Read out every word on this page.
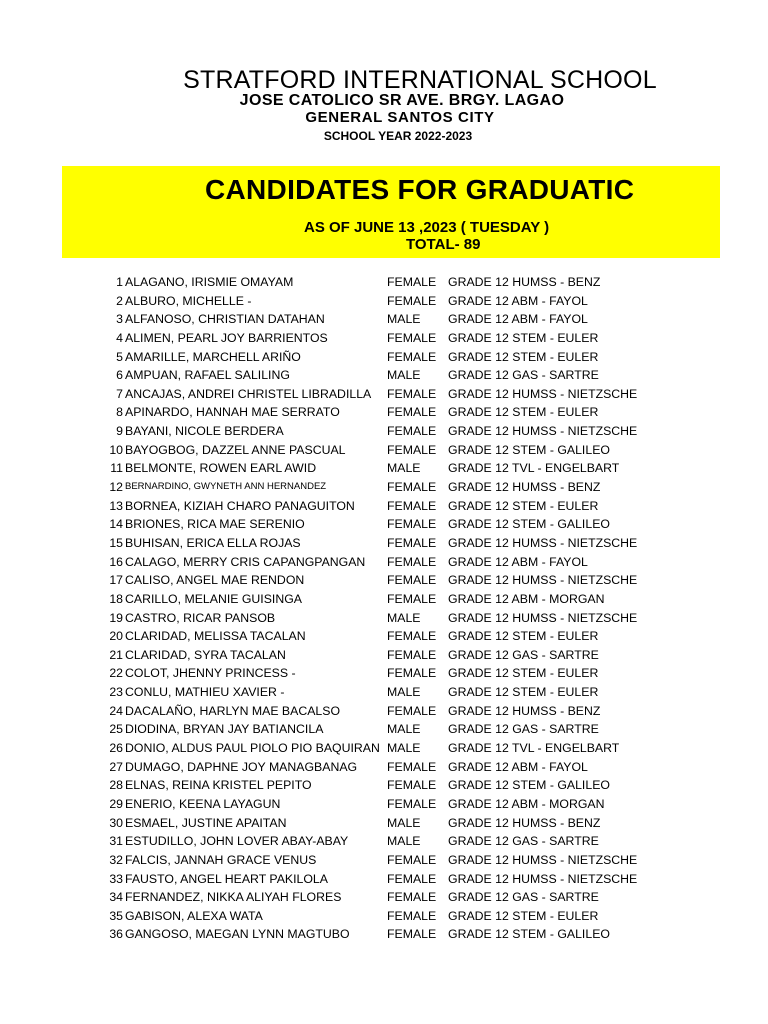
STRATFORD INTERNATIONAL SCHOOL
JOSE CATOLICO SR AVE. BRGY. LAGAO
GENERAL SANTOS CITY
SCHOOL YEAR 2022-2023
CANDIDATES FOR GRADUATIC
AS OF JUNE 13 ,2023 ( TUESDAY )
TOTAL- 89
1 ALAGANO, IRISMIE OMAYAM	FEMALE GRADE 12 HUMSS - BENZ
2 ALBURO, MICHELLE -	FEMALE GRADE 12 ABM - FAYOL
3 ALFANOSO, CHRISTIAN DATAHAN	MALE GRADE 12 ABM - FAYOL
4 ALIMEN, PEARL JOY BARRIENTOS	FEMALE GRADE 12 STEM - EULER
5 AMARILLE, MARCHELL ARIÑO	FEMALE GRADE 12 STEM - EULER
6 AMPUAN, RAFAEL SALILING	MALE GRADE 12 GAS - SARTRE
7 ANCAJAS, ANDREI CHRISTEL LIBRADILLA FEMALE GRADE 12 HUMSS - NIETZSCHE
8 APINARDO, HANNAH MAE SERRATO	FEMALE GRADE 12 STEM - EULER
9 BAYANI, NICOLE BERDERA	FEMALE GRADE 12 HUMSS - NIETZSCHE
10 BAYOGBOG, DAZZEL ANNE PASCUAL	FEMALE GRADE 12 STEM - GALILEO
11 BELMONTE, ROWEN EARL AWID	MALE GRADE 12 TVL - ENGELBART
12 BERNARDINO, GWYNETH ANN HERNANDEZ	FEMALE GRADE 12 HUMSS - BENZ
13 BORNEA, KIZIAH CHARO PANAGUITON	FEMALE GRADE 12 STEM - EULER
14 BRIONES, RICA MAE SERENIO	FEMALE GRADE 12 STEM - GALILEO
15 BUHISAN, ERICA ELLA ROJAS	FEMALE GRADE 12 HUMSS - NIETZSCHE
16 CALAGO, MERRY CRIS CAPANGPANGAN FEMALE GRADE 12 ABM - FAYOL
17 CALISO, ANGEL MAE RENDON	FEMALE GRADE 12 HUMSS - NIETZSCHE
18 CARILLO, MELANIE GUISINGA	FEMALE GRADE 12 ABM - MORGAN
19 CASTRO, RICAR PANSOB	MALE GRADE 12 HUMSS - NIETZSCHE
20 CLARIDAD, MELISSA TACALAN	FEMALE GRADE 12 STEM - EULER
21 CLARIDAD, SYRA TACALAN	FEMALE GRADE 12 GAS - SARTRE
22 COLOT, JHENNY PRINCESS -	FEMALE GRADE 12 STEM - EULER
23 CONLU, MATHIEU XAVIER -	MALE GRADE 12 STEM - EULER
24 DACALAÑO, HARLYN MAE BACALSO	FEMALE GRADE 12 HUMSS - BENZ
25 DIODINA, BRYAN JAY BATIANCILA	MALE GRADE 12 GAS - SARTRE
26 DONIO, ALDUS PAUL PIOLO PIO BAQUIRAN MALE GRADE 12 TVL - ENGELBART
27 DUMAGO, DAPHNE JOY MANAGBANAG FEMALE GRADE 12 ABM - FAYOL
28 ELNAS, REINA KRISTEL PEPITO	FEMALE GRADE 12 STEM - GALILEO
29 ENERIO, KEENA LAYAGUN	FEMALE GRADE 12 ABM - MORGAN
30 ESMAEL, JUSTINE APAITAN	MALE GRADE 12 HUMSS - BENZ
31 ESTUDILLO, JOHN LOVER ABAY-ABAY	MALE GRADE 12 GAS - SARTRE
32 FALCIS, JANNAH GRACE VENUS	FEMALE GRADE 12 HUMSS - NIETZSCHE
33 FAUSTO, ANGEL HEART PAKILOLA	FEMALE GRADE 12 HUMSS - NIETZSCHE
34 FERNANDEZ, NIKKA ALIYAH FLORES	FEMALE GRADE 12 GAS - SARTRE
35 GABISON, ALEXA WATA	FEMALE GRADE 12 STEM - EULER
36 GANGOSO, MAEGAN LYNN MAGTUBO	FEMALE GRADE 12 STEM - GALILEO
